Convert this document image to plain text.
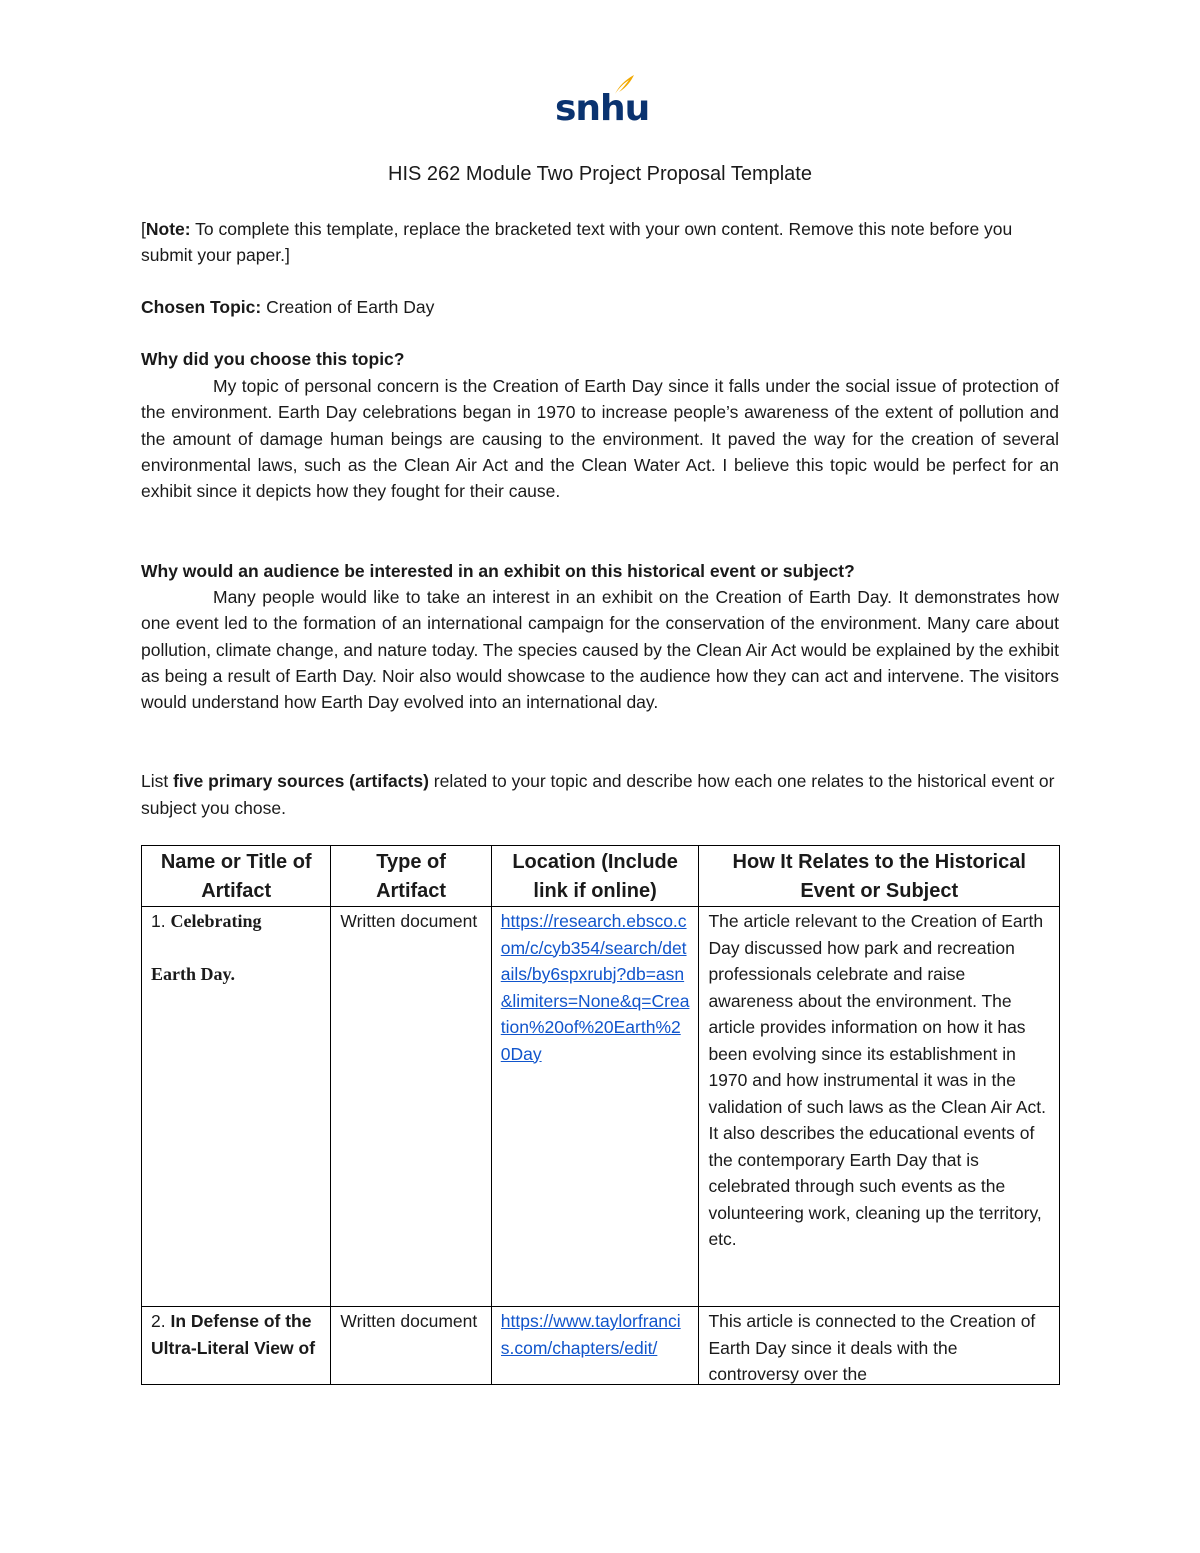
snhu
HIS 262 Module Two Project Proposal Template
[Note: To complete this template, replace the bracketed text with your own content. Remove this note before you submit your paper.]
Chosen Topic: Creation of Earth Day
Why did you choose this topic?

My topic of personal concern is the Creation of Earth Day since it falls under the social issue of protection of the environment. Earth Day celebrations began in 1970 to increase people’s awareness of the extent of pollution and the amount of damage human beings are causing to the environment. It paved the way for the creation of several environmental laws, such as the Clean Air Act and the Clean Water Act. I believe this topic would be perfect for an exhibit since it depicts how they fought for their cause.

Why would an audience be interested in an exhibit on this historical event or subject?

Many people would like to take an interest in an exhibit on the Creation of Earth Day. It demonstrates how one event led to the formation of an international campaign for the conservation of the environment. Many care about pollution, climate change, and nature today. The species caused by the Clean Air Act would be explained by the exhibit as being a result of Earth Day. Noir also would showcase to the audience how they can act and intervene. The visitors would understand how Earth Day evolved into an international day.

List five primary sources (artifacts) related to your topic and describe how each one relates to the historical event or subject you chose.
Name or Title of Artifact	Type of Artifact	Location (Include link if online)	How It Relates to the Historical Event or Subject
1. Celebrating

Earth Day.	Written document	https://research.ebsco.com/c/cyb354/search/details/by6spxrubj?db=asn&limiters=None&q=Creation%20of%20Earth%20Day	The article relevant to the Creation of Earth Day discussed how park and recreation professionals celebrate and raise awareness about the environment. The article provides information on how it has been evolving since its establishment in 1970 and how instrumental it was in the validation of such laws as the Clean Air Act. It also describes the educational events of the contemporary Earth Day that is celebrated through such events as the volunteering work, cleaning up the territory, etc.

2. In Defense of the Ultra-Literal View of	Written document	https://www.taylorfrancis.com/chapters/edit/	This article is connected to the Creation of Earth Day since it deals with the controversy over the
